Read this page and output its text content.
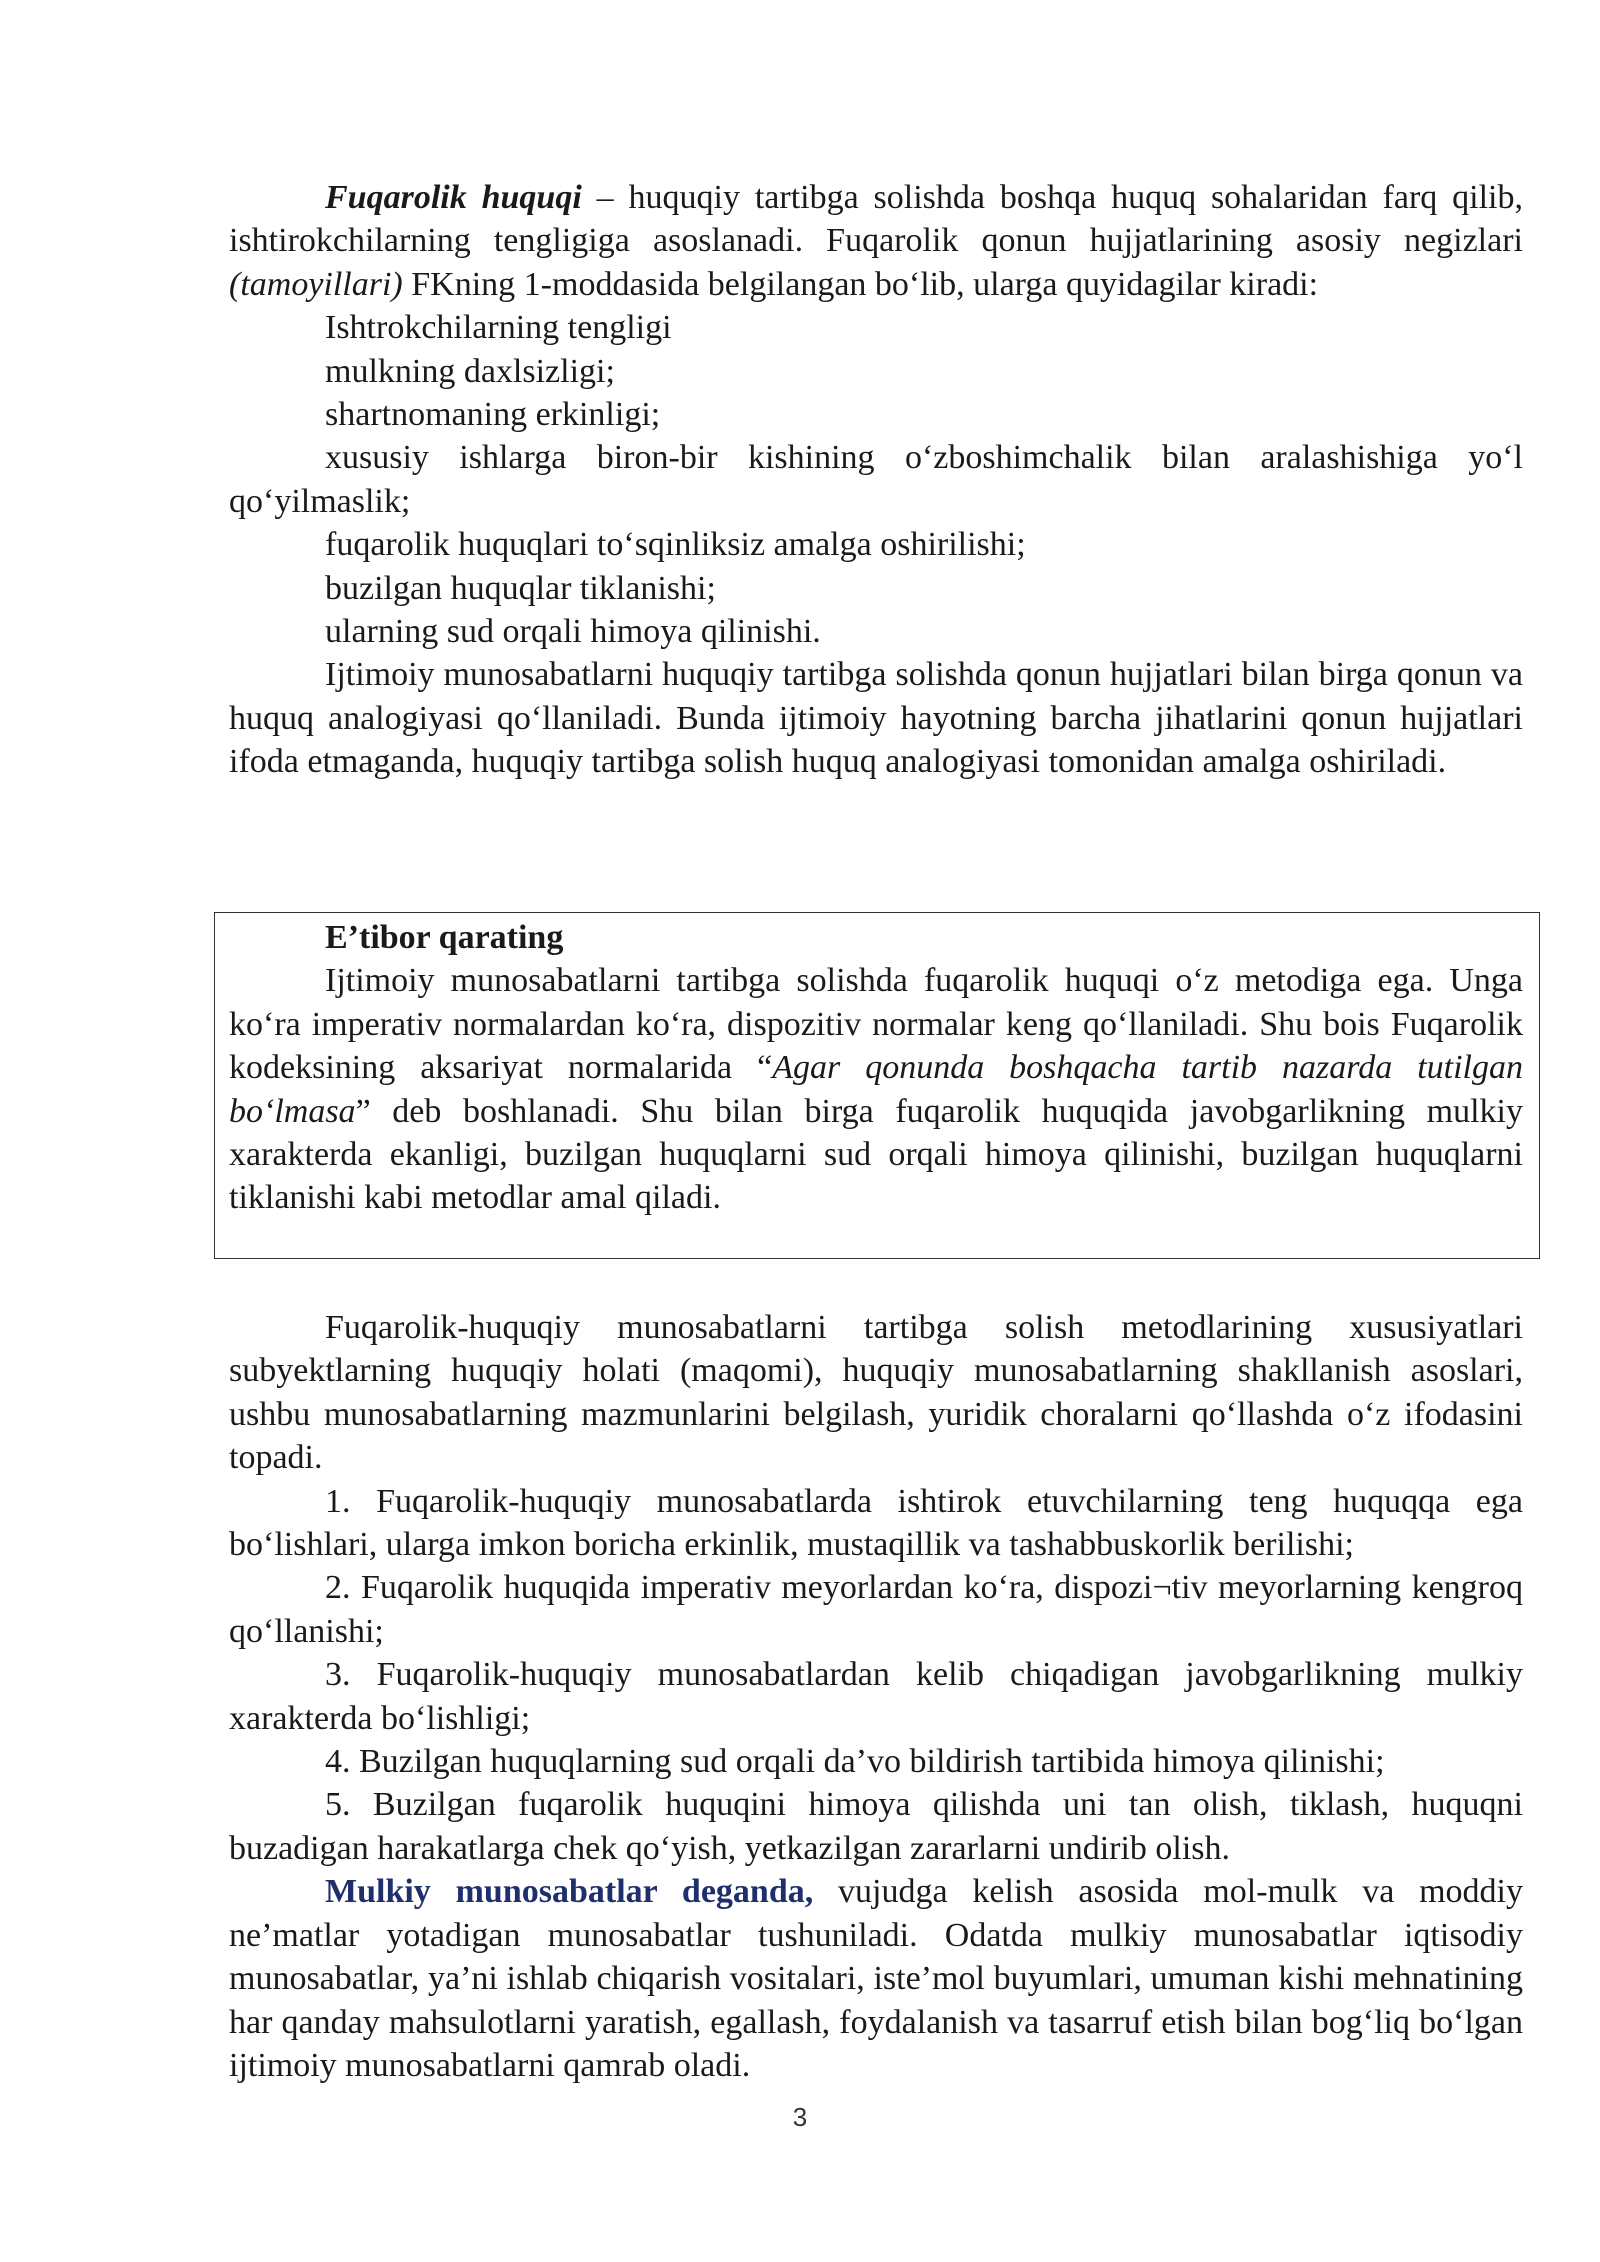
Fuqarolik huquqi – huquqiy tartibga solishda boshqa huquq sohalaridan farq qilib, ishtirokchilarning tengligiga asoslanadi. Fuqarolik qonun hujjatlarining asosiy negizlari (tamoyillari) FKning 1-moddasida belgilangan bo‘lib, ularga quyidagilar kiradi:

Ishtrokchilarning tengligi

mulkning daxlsizligi;

shartnomaning erkinligi;

xususiy ishlarga biron-bir kishining o‘zboshimchalik bilan aralashishiga yo‘l qo‘yilmaslik;

fuqarolik huquqlari to‘sqinliksiz amalga oshirilishi;

buzilgan huquqlar tiklanishi;

ularning sud orqali himoya qilinishi.

Ijtimoiy munosabatlarni huquqiy tartibga solishda qonun hujjatlari bilan birga qonun va huquq analogiyasi qo‘llaniladi. Bunda ijtimoiy hayotning barcha jihatlarini qonun hujjatlari ifoda etmaganda, huquqiy tartibga solish huquq analogiyasi tomonidan amalga oshiriladi.

E’tibor qarating

Ijtimoiy munosabatlarni tartibga solishda fuqarolik huquqi o‘z metodiga ega. Unga ko‘ra imperativ normalardan ko‘ra, dispozitiv normalar keng qo‘llaniladi. Shu bois Fuqarolik kodeksining aksariyat normalarida “Agar qonunda boshqacha tartib nazarda tutilgan bo‘lmasa” deb boshlanadi. Shu bilan birga fuqarolik huquqida javobgarlikning mulkiy xarakterda ekanligi, buzilgan huquqlarni sud orqali himoya qilinishi, buzilgan huquqlarni tiklanishi kabi metodlar amal qiladi.

Fuqarolik-huquqiy munosabatlarni tartibga solish metodlarining xususiyatlari subyektlarning huquqiy holati (maqomi), huquqiy munosabatlarning shakllanish asoslari, ushbu munosabatlarning mazmunlarini belgilash, yuridik choralarni qo‘llashda o‘z ifodasini topadi.

1. Fuqarolik-huquqiy munosabatlarda ishtirok etuvchilarning teng huquqqa ega bo‘lishlari, ularga imkon boricha erkinlik, mustaqillik va tashabbuskorlik berilishi;

2. Fuqarolik huquqida imperativ meyorlardan ko‘ra, dispozi¬tiv meyorlarning kengroq qo‘llanishi;

3. Fuqarolik-huquqiy munosabatlardan kelib chiqadigan javobgarlikning mulkiy xarakterda bo‘lishligi;

4. Buzilgan huquqlarning sud orqali da’vo bildirish tartibida himoya qilinishi;

5. Buzilgan fuqarolik huquqini himoya qilishda uni tan olish, tiklash, huquqni buzadigan harakatlarga chek qo‘yish, yetkazilgan zararlarni undirib olish.

Mulkiy munosabatlar deganda, vujudga kelish asosida mol-mulk va moddiy ne’matlar yotadigan munosabatlar tushuniladi. Odatda mulkiy munosabatlar iqtisodiy munosabatlar, ya’ni ishlab chiqarish vositalari, iste’mol buyumlari, umuman kishi mehnatining har qanday mahsulotlarni yaratish, egallash, foydalanish va tasarruf etish bilan bog‘liq bo‘lgan ijtimoiy munosabatlarni qamrab oladi.

3
